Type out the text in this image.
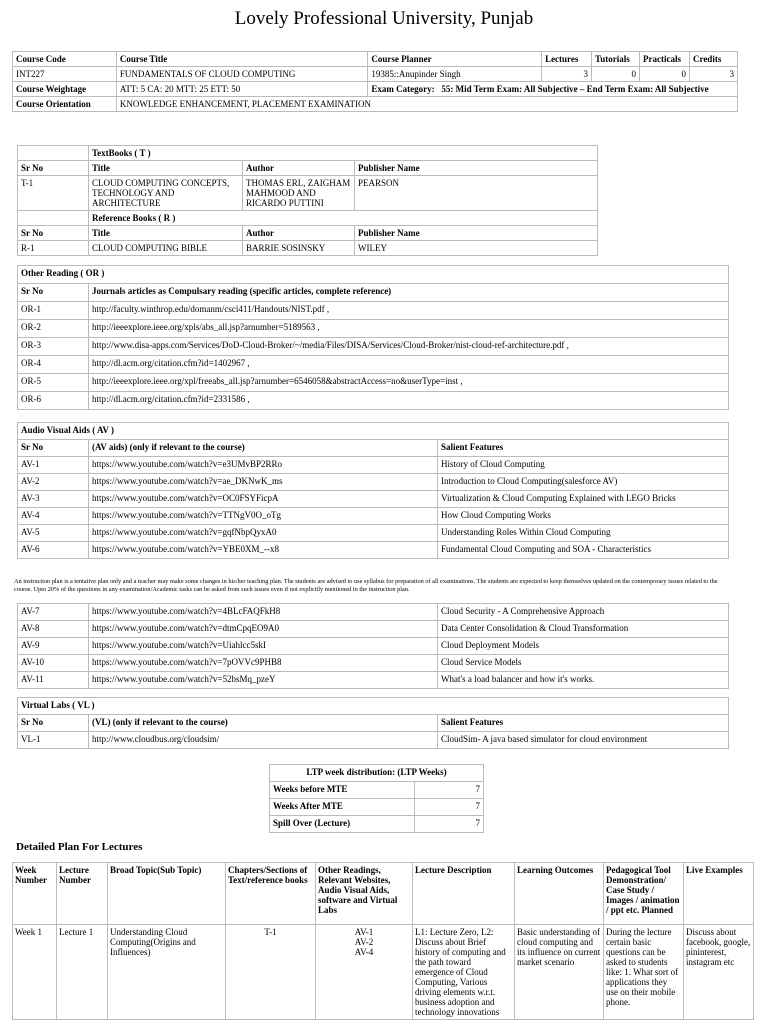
Lovely Professional University, Punjab
Course Code	Course Title	Course Planner	Lectures	Tutorials	Practicals	Credits
INT227	FUNDAMENTALS OF CLOUD COMPUTING	19385::Anupinder Singh	3	0	0	3
Course Weightage	ATT: 5 CA: 20 MTT: 25 ETT: 50	Exam Category: 55: Mid Term Exam: All Subjective – End Term Exam: All Subjective				
Course Orientation	KNOWLEDGE ENHANCEMENT, PLACEMENT EXAMINATION					
	TextBooks ( T )		
Sr No	Title	Author	Publisher Name
T-1	CLOUD COMPUTING CONCEPTS, TECHNOLOGY AND ARCHITECTURE	THOMAS ERL, ZAIGHAM MAHMOOD AND RICARDO PUTTINI	PEARSON
	Reference Books ( R )		
Sr No	Title	Author	Publisher Name
R-1	CLOUD COMPUTING BIBLE	BARRIE SOSINSKY	WILEY
Other Reading ( OR )	
Sr No	Journals articles as Compulsary reading (specific articles, complete reference)
OR-1	http://faculty.winthrop.edu/domanm/csci411/Handouts/NIST.pdf ,
OR-2	http://ieeexplore.ieee.org/xpls/abs_all.jsp?arnumber=5189563 ,
OR-3	http://www.disa-apps.com/Services/DoD-Cloud-Broker/~/media/Files/DISA/Services/Cloud-Broker/nist-cloud-ref-architecture.pdf ,
OR-4	http://dl.acm.org/citation.cfm?id=1402967 ,
OR-5	http://ieeexplore.ieee.org/xpl/freeabs_all.jsp?arnumber=6546058&abstractAccess=no&userType=inst ,
OR-6	http://dl.acm.org/citation.cfm?id=2331586 ,
Audio Visual Aids ( AV )		
Sr No	(AV aids) (only if relevant to the course)	Salient Features
AV-1	https://www.youtube.com/watch?v=e3UMvBP2RRo	History of Cloud Computing
AV-2	https://www.youtube.com/watch?v=ae_DKNwK_ms	Introduction to Cloud Computing(salesforce AV)
AV-3	https://www.youtube.com/watch?v=OC0FSYFicpA	Virtualization & Cloud Computing Explained with LEGO Bricks
AV-4	https://www.youtube.com/watch?v=TTNgV0O_oTg	How Cloud Computing Works
AV-5	https://www.youtube.com/watch?v=gqfNbpQyxA0	Understanding Roles Within Cloud Computing
AV-6	https://www.youtube.com/watch?v=YBE0XM_--x8	Fundamental Cloud Computing and SOA - Characteristics
An instruction plan is a tentative plan only and a teacher may make some changes in his/her teaching plan. The students are advised to use syllabus for preparation of all examinations. The students are expected to keep themselves updated on the contemporary issues related to the course. Upto 20% of the questions in any examination/Academic tasks can be asked from such issues even if not explicitly mentioned in the instruction plan.
AV-7	https://www.youtube.com/watch?v=4BLcFAQFkH8	Cloud Security - A Comprehensive Approach
AV-8	https://www.youtube.com/watch?v=dtmCpqEO9A0	Data Center Consolidation & Cloud Transformation
AV-9	https://www.youtube.com/watch?v=Uiahlcc5skI	Cloud Deployment Models
AV-10	https://www.youtube.com/watch?v=7pOVVc9PHB8	Cloud Service Models
AV-11	https://www.youtube.com/watch?v=52bsMq_pzeY	What's a load balancer and how it's works.
Virtual Labs ( VL )		
Sr No	(VL) (only if relevant to the course)	Salient Features
VL-1	http://www.cloudbus.org/cloudsim/	CloudSim- A java based simulator for cloud environment
LTP week distribution: (LTP Weeks)	
Weeks before MTE	7
Weeks After MTE	7
Spill Over (Lecture)	7
Detailed Plan For Lectures
Week Number	Lecture Number	Broad Topic(Sub Topic)	Chapters/Sections of Text/reference books	Other Readings, Relevant Websites, Audio Visual Aids, software and Virtual Labs	Lecture Description	Learning Outcomes	Pedagogical Tool Demonstration/ Case Study / Images / animation / ppt etc. Planned	Live Examples
Week 1	Lecture 1	Understanding Cloud Computing(Origins and Influences)	T-1	AV-1
AV-2
AV-4	L1: Lecture Zero, L2: Discuss about Brief history of computing and the path toward emergence of Cloud Computing, Various driving elements w.r.t. business adoption and technology innovations	Basic understanding of cloud computing and its influence on current market scenario	During the lecture certain basic questions can be asked to students like: 1. What sort of applications they use on their mobile phone.	Discuss about facebook, google, pininterest, instagram etc
